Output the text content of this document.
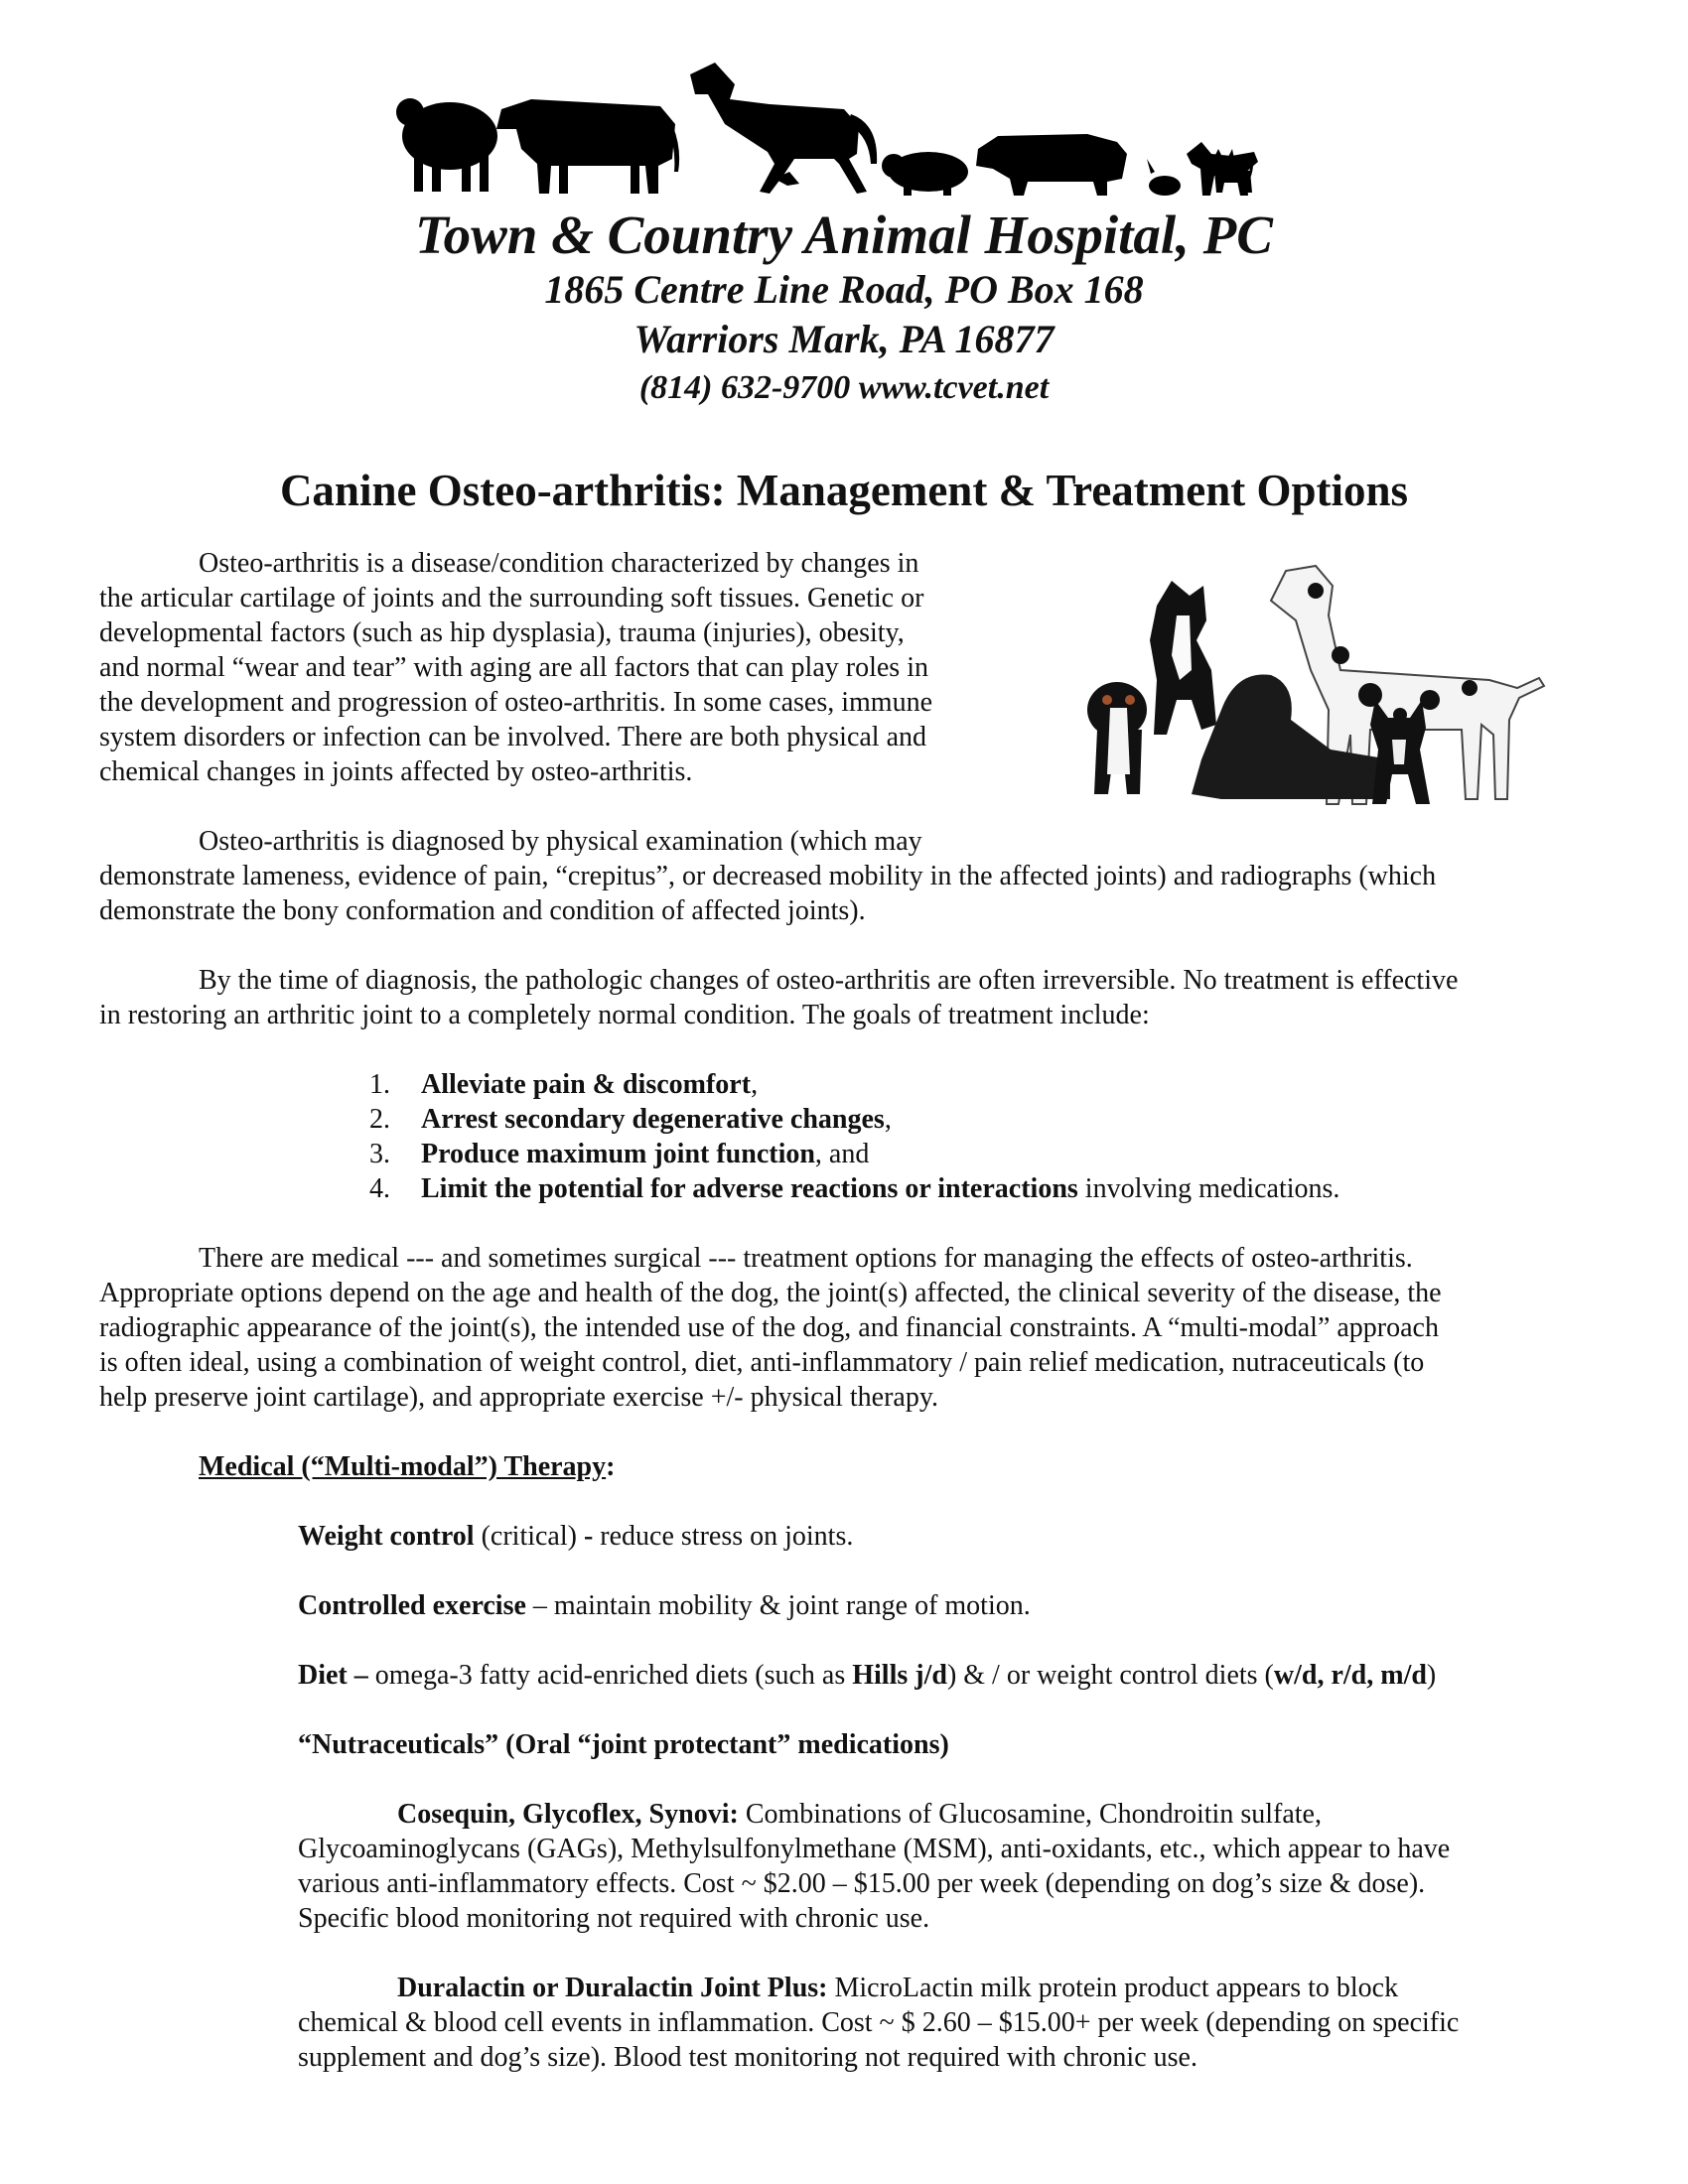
Town & Country Animal Hospital, PC
1865 Centre Line Road, PO Box 168
Warriors Mark, PA 16877
(814) 632-9700 www.tcvet.net
Canine Osteo-arthritis: Management & Treatment Options
Osteo-arthritis is a disease/condition characterized by changes in
the articular cartilage of joints and the surrounding soft tissues. Genetic or
developmental factors (such as hip dysplasia), trauma (injuries), obesity,
and normal “wear and tear” with aging are all factors that can play roles in
the development and progression of osteo-arthritis. In some cases, immune
system disorders or infection can be involved. There are both physical and
chemical changes in joints affected by osteo-arthritis.
Osteo-arthritis is diagnosed by physical examination (which may
demonstrate lameness, evidence of pain, “crepitus”, or decreased mobility in the affected joints) and radiographs (which
demonstrate the bony conformation and condition of affected joints).
By the time of diagnosis, the pathologic changes of osteo-arthritis are often irreversible. No treatment is effective
in restoring an arthritic joint to a completely normal condition. The goals of treatment include:
1. Alleviate pain & discomfort,
2. Arrest secondary degenerative changes,
3. Produce maximum joint function, and
4. Limit the potential for adverse reactions or interactions involving medications.
There are medical --- and sometimes surgical --- treatment options for managing the effects of osteo-arthritis.
Appropriate options depend on the age and health of the dog, the joint(s) affected, the clinical severity of the disease, the
radiographic appearance of the joint(s), the intended use of the dog, and financial constraints. A “multi-modal” approach
is often ideal, using a combination of weight control, diet, anti-inflammatory / pain relief medication, nutraceuticals (to
help preserve joint cartilage), and appropriate exercise +/- physical therapy.
Medical (“Multi-modal”) Therapy:
Weight control (critical) - reduce stress on joints.
Controlled exercise – maintain mobility & joint range of motion.
Diet – omega-3 fatty acid-enriched diets (such as Hills j/d) & / or weight control diets (w/d, r/d, m/d)
“Nutraceuticals” (Oral “joint protectant” medications)
Cosequin, Glycoflex, Synovi: Combinations of Glucosamine, Chondroitin sulfate,
Glycoaminoglycans (GAGs), Methylsulfonylmethane (MSM), anti-oxidants, etc., which appear to have
various anti-inflammatory effects. Cost ~ $2.00 – $15.00 per week (depending on dog’s size & dose).
Specific blood monitoring not required with chronic use.
Duralactin or Duralactin Joint Plus: MicroLactin milk protein product appears to block
chemical & blood cell events in inflammation. Cost ~ $ 2.60 – $15.00+ per week (depending on specific
supplement and dog’s size). Blood test monitoring not required with chronic use.
